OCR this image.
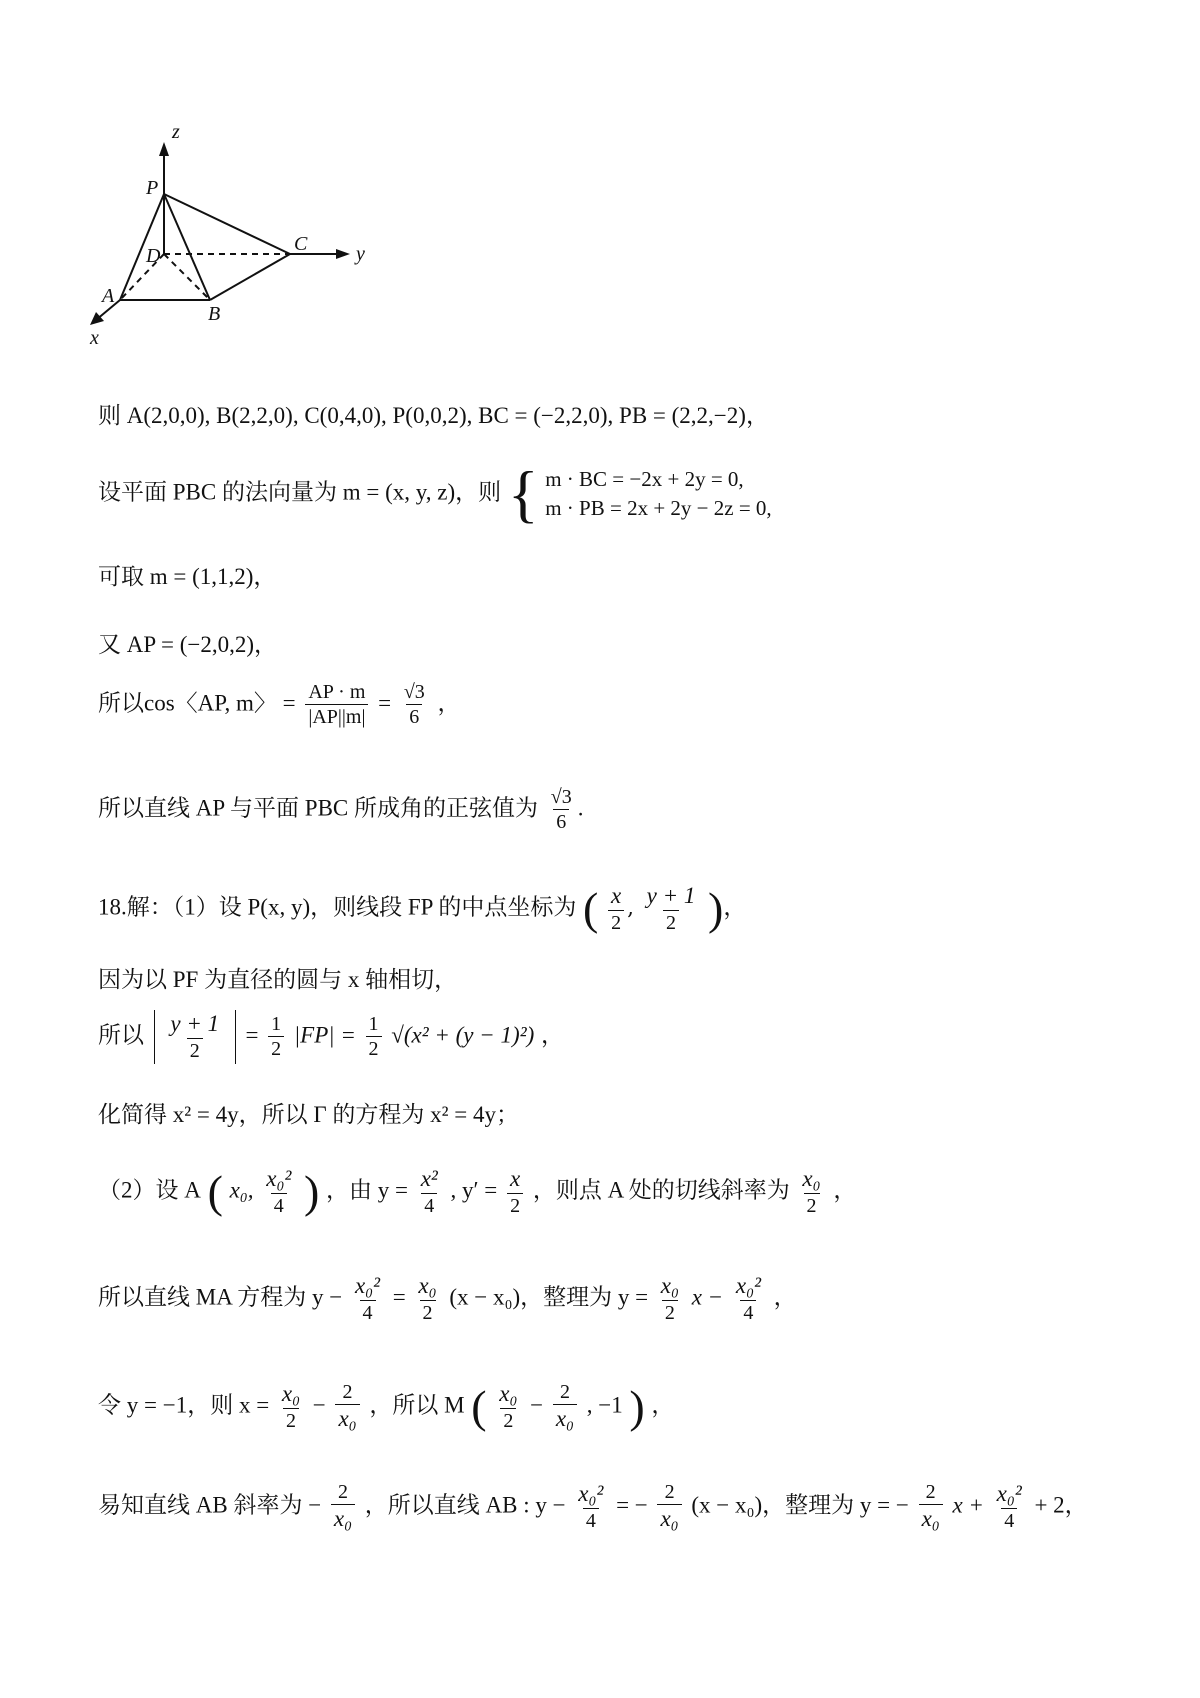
z
P
D
C y
A
B
x
则 A(2,0,0), B(2,2,0), C(0,4,0), P(0,0,2), BC = (−2,2,0), PB = (2,2,−2)，
设平面 PBC 的法向量为 m = (x, y, z)，则 { m · BC = −2x + 2y = 0,
m · PB = 2x + 2y − 2z = 0,
可取 m = (1,1,2)，
又 AP = (−2,0,2)，
所以cos〈AP, m〉 = $\frac{AP \cdot m}{|AP||m|} = \frac{√3}{6}$ ，
所以直线 AP 与平面 PBC 所成角的正弦值为 $\frac{√3}{6}$ .
18.解：（1）设 P(x, y)，则线段 FP 的中点坐标为 ( $\frac{x}{2}$ , $\frac{y + 1}{2}$ )，
因为以 PF 为直径的圆与 x 轴相切，
所以 $\frac{y + 1}{2} = \frac{1}{2} |FP| = \frac{1}{2} √(x^2 + (y - 1)^2)$ ，
化简得 x² = 4y，所以 Γ 的方程为 x² = 4y；
（2）设 A ( x₀, $\frac{\text{x₀²}}{4}$ ) ，由 $y = \frac{\text{x²}}{4}$ , $y' = \frac{x}{2}$ ，则点 A 处的切线斜率为 $\frac{\text{x₀}}{2}$ ，
所以直线 MA 方程为 $y - \frac{\text{x₀²}}{4} = \frac{\text{x₀}}{2} (x - x_0)$，整理为 $y = \frac{\text{x₀}}{2}$ $x - \frac{\text{x₀²}}{4}$ ，
令 y = −1，则 $x = \frac{\text{x₀}}{2} - \frac{2}{\text{x₀}}$ ，所以 M ( $\frac{\text{x₀}}{2} - \frac{2}{\text{x₀}}$ , −1 ) ，
易知直线 AB 斜率为 − $\frac{2}{\text{x₀}}$ ，所以直线 AB : $y - \frac{\text{x₀²}}{4}$ = − $\frac{2}{\text{x₀}} (x - x_0)$，整理为 y = − $\frac{2}{\text{x₀}}$ $x + \frac{\text{x₀²}}{4} + 2$，
